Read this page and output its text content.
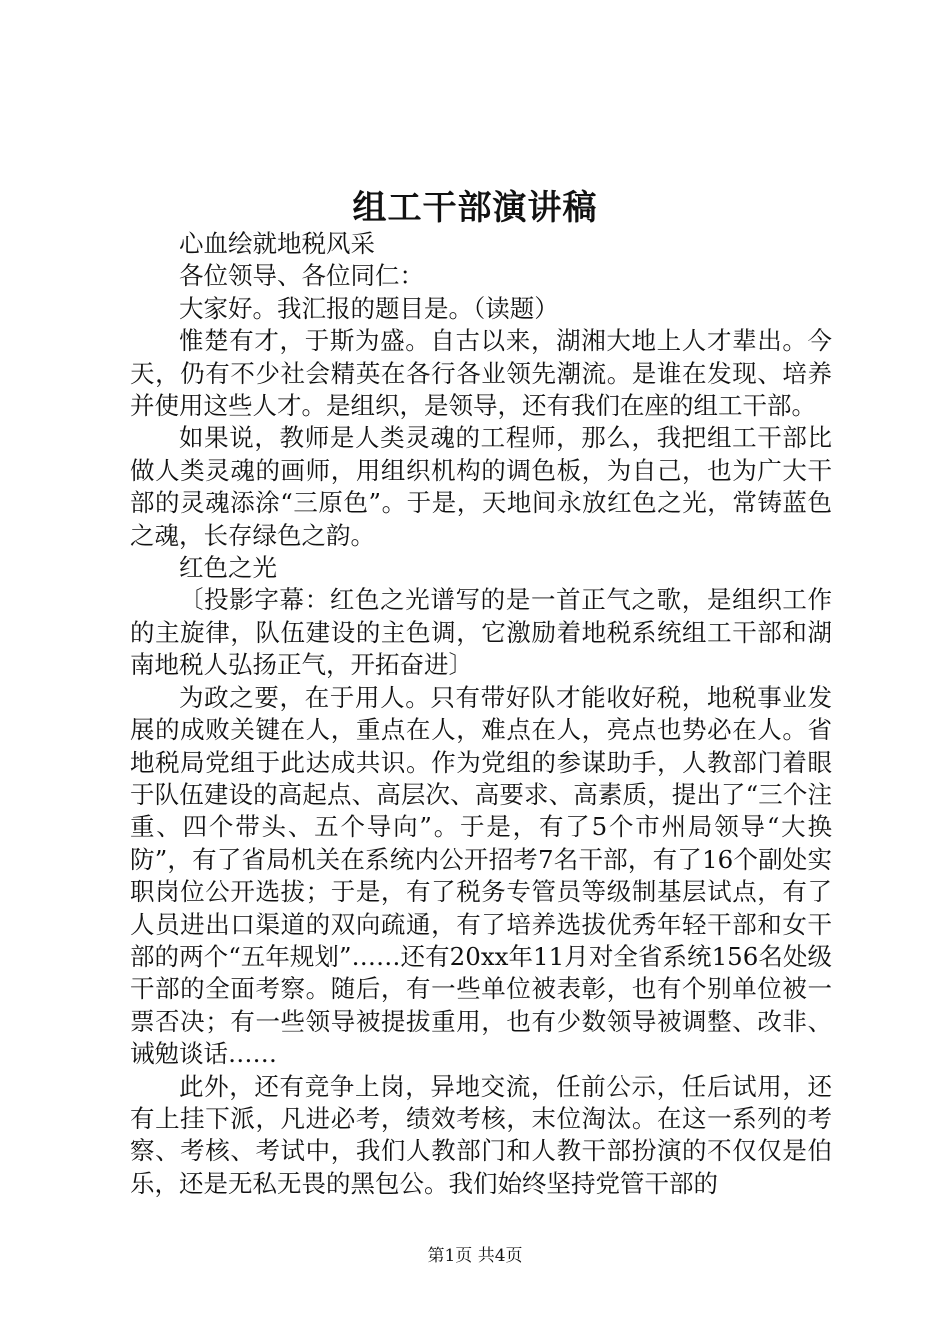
组工干部演讲稿

心血绘就地税风采

各位领导、各位同仁：

大家好。我汇报的题目是。（读题）

惟楚有才，于斯为盛。自古以来，湖湘大地上人才辈出。今天，仍有不少社会精英在各行各业领先潮流。是谁在发现、培养并使用这些人才。是组织，是领导，还有我们在座的组工干部。

如果说，教师是人类灵魂的工程师，那么，我把组工干部比做人类灵魂的画师，用组织机构的调色板，为自己，也为广大干部的灵魂添涂“三原色”。于是，天地间永放红色之光，常铸蓝色之魂，长存绿色之韵。

红色之光

〔投影字幕：红色之光谱写的是一首正气之歌，是组织工作的主旋律，队伍建设的主色调，它激励着地税系统组工干部和湖南地税人弘扬正气，开拓奋进〕

为政之要，在于用人。只有带好队才能收好税，地税事业发展的成败关键在人，重点在人，难点在人，亮点也势必在人。省地税局党组于此达成共识。作为党组的参谋助手，人教部门着眼于队伍建设的高起点、高层次、高要求、高素质，提出了“三个注重、四个带头、五个导向”。于是，有了5个市州局领导“大换防”，有了省局机关在系统内公开招考7名干部，有了16个副处实职岗位公开选拔；于是，有了税务专管员等级制基层试点，有了人员进出口渠道的双向疏通，有了培养选拔优秀年轻干部和女干部的两个“五年规划”……还有20xx年11月对全省系统156名处级干部的全面考察。随后，有一些单位被表彰，也有个别单位被一票否决；有一些领导被提拔重用，也有少数领导被调整、改非、诫勉谈话……

此外，还有竞争上岗，异地交流，任前公示，任后试用，还有上挂下派，凡进必考，绩效考核，末位淘汰。在这一系列的考察、考核、考试中，我们人教部门和人教干部扮演的不仅仅是伯乐，还是无私无畏的黑包公。我们始终坚持党管干部的

第1页 共4页
